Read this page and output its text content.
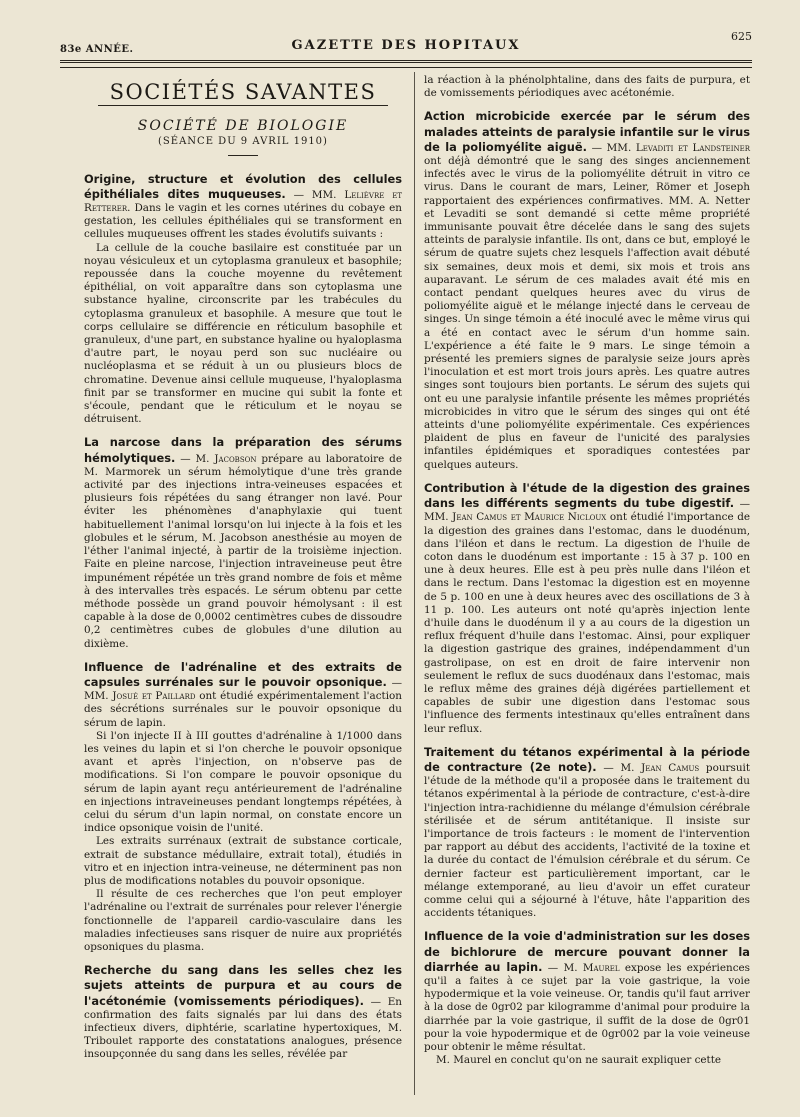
83e ANNÉE.	GAZETTE DES HOPITAUX
625
SOCIÉTÉS SAVANTES
SOCIÉTÉ DE BIOLOGIE
(SÉANCE DU 9 AVRIL 1910)

Origine, structure et évolution des cellules épithéliales dites muqueuses. — MM. Lelièvre et Retterer. Dans le vagin et les cornes utérines du cobaye en gestation, les cellules épithéliales qui se transforment en cellules muqueuses offrent les stades évolutifs suivants :

La cellule de la couche basilaire est constituée par un noyau vésiculeux et un cytoplasma granuleux et basophile; repoussée dans la couche moyenne du revêtement épithélial, on voit apparaître dans son cytoplasma une substance hyaline, circonscrite par les trabécules du cytoplasma granuleux et basophile. A mesure que tout le corps cellulaire se différencie en réticulum basophile et granuleux, d'une part, en substance hyaline ou hyaloplasma d'autre part, le noyau perd son suc nucléaire ou nucléoplasma et se réduit à un ou plusieurs blocs de chromatine. Devenue ainsi cellule muqueuse, l'hyaloplasma finit par se transformer en mucine qui subit la fonte et s'écoule, pendant que le réticulum et le noyau se détruisent.

La narcose dans la préparation des sérums hémolytiques. — M. Jacobson prépare au laboratoire de M. Marmorek un sérum hémolytique d'une très grande activité par des injections intra-veineuses espacées et plusieurs fois répétées du sang étranger non lavé. Pour éviter les phénomènes d'anaphylaxie qui tuent habituellement l'animal lorsqu'on lui injecte à la fois et les globules et le sérum, M. Jacobson anesthésie au moyen de l'éther l'animal injecté, à partir de la troisième injection. Faite en pleine narcose, l'injection intraveineuse peut être impunément répétée un très grand nombre de fois et même à des intervalles très espacés. Le sérum obtenu par cette méthode possède un grand pouvoir hémolysant : il est capable à la dose de 0,0002 centimètres cubes de dissoudre 0,2 centimètres cubes de globules d'une dilution au dixième.

Influence de l'adrénaline et des extraits de capsules surrénales sur le pouvoir opsonique. — MM. Josué et Paillard ont étudié expérimentalement l'action des sécrétions surrénales sur le pouvoir opsonique du sérum de lapin.

Si l'on injecte II à III gouttes d'adrénaline à 1/1000 dans les veines du lapin et si l'on cherche le pouvoir opsonique avant et après l'injection, on n'observe pas de modifications. Si l'on compare le pouvoir opsonique du sérum de lapin ayant reçu antérieurement de l'adrénaline en injections intraveineuses pendant longtemps répétées, à celui du sérum d'un lapin normal, on constate encore un indice opsonique voisin de l'unité.

Les extraits surrénaux (extrait de substance corticale, extrait de substance médullaire, extrait total), étudiés in vitro et en injection intra-veineuse, ne déterminent pas non plus de modifications notables du pouvoir opsonique.

Il résulte de ces recherches que l'on peut employer l'adrénaline ou l'extrait de surrénales pour relever l'énergie fonctionnelle de l'appareil cardio-vasculaire dans les maladies infectieuses sans risquer de nuire aux propriétés opsoniques du plasma.

Recherche du sang dans les selles chez les sujets atteints de purpura et au cours de l'acétonémie (vomissements périodiques). — En confirmation des faits signalés par lui dans des états infectieux divers, diphtérie, scarlatine hypertoxiques, M. Triboulet rapporte des constatations analogues, présence insoupçonnée du sang dans les selles, révélée par

la réaction à la phénolphtaline, dans des faits de purpura, et de vomissements périodiques avec acétonémie.

Action microbicide exercée par le sérum des malades atteints de paralysie infantile sur le virus de la poliomyélite aiguë. — MM. Levaditi et Landsteiner ont déjà démontré que le sang des singes anciennement infectés avec le virus de la poliomyélite détruit in vitro ce virus. Dans le courant de mars, Leiner, Römer et Joseph rapportaient des expériences confirmatives. MM. A. Netter et Levaditi se sont demandé si cette même propriété immunisante pouvait être décelée dans le sang des sujets atteints de paralysie infantile. Ils ont, dans ce but, employé le sérum de quatre sujets chez lesquels l'affection avait débuté six semaines, deux mois et demi, six mois et trois ans auparavant. Le sérum de ces malades avait été mis en contact pendant quelques heures avec du virus de poliomyélite aiguë et le mélange injecté dans le cerveau de singes. Un singe témoin a été inoculé avec le même virus qui a été en contact avec le sérum d'un homme sain. L'expérience a été faite le 9 mars. Le singe témoin a présenté les premiers signes de paralysie seize jours après l'inoculation et est mort trois jours après. Les quatre autres singes sont toujours bien portants. Le sérum des sujets qui ont eu une paralysie infantile présente les mêmes propriétés microbicides in vitro que le sérum des singes qui ont été atteints d'une poliomyélite expérimentale. Ces expériences plaident de plus en faveur de l'unicité des paralysies infantiles épidémiques et sporadiques contestées par quelques auteurs.

Contribution à l'étude de la digestion des graines dans les différents segments du tube digestif. — MM. Jean Camus et Maurice Nicloux ont étudié l'importance de la digestion des graines dans l'estomac, dans le duodénum, dans l'iléon et dans le rectum. La digestion de l'huile de coton dans le duodénum est importante : 15 à 37 p. 100 en une à deux heures. Elle est à peu près nulle dans l'iléon et dans le rectum. Dans l'estomac la digestion est en moyenne de 5 p. 100 en une à deux heures avec des oscillations de 3 à 11 p. 100. Les auteurs ont noté qu'après injection lente d'huile dans le duodénum il y a au cours de la digestion un reflux fréquent d'huile dans l'estomac. Ainsi, pour expliquer la digestion gastrique des graines, indépendamment d'un gastrolipase, on est en droit de faire intervenir non seulement le reflux de sucs duodénaux dans l'estomac, mais le reflux même des graines déjà digérées partiellement et capables de subir une digestion dans l'estomac sous l'influence des ferments intestinaux qu'elles entraînent dans leur reflux.

Traitement du tétanos expérimental à la période de contracture (2e note). — M. Jean Camus poursuit l'étude de la méthode qu'il a proposée dans le traitement du tétanos expérimental à la période de contracture, c'est-à-dire l'injection intra-rachidienne du mélange d'émulsion cérébrale stérilisée et de sérum antitétanique. Il insiste sur l'importance de trois facteurs : le moment de l'intervention par rapport au début des accidents, l'activité de la toxine et la durée du contact de l'émulsion cérébrale et du sérum. Ce dernier facteur est particulièrement important, car le mélange extemporané, au lieu d'avoir un effet curateur comme celui qui a séjourné à l'étuve, hâte l'apparition des accidents tétaniques.

Influence de la voie d'administration sur les doses de bichlorure de mercure pouvant donner la diarrhée au lapin. — M. Maurel expose les expériences qu'il a faites à ce sujet par la voie gastrique, la voie hypodermique et la voie veineuse. Or, tandis qu'il faut arriver à la dose de 0gr02 par kilogramme d'animal pour produire la diarrhée par la voie gastrique, il suffit de la dose de 0gr01 pour la voie hypodermique et de 0gr002 par la voie veineuse pour obtenir le même résultat.

M. Maurel en conclut qu'on ne saurait expliquer cette
